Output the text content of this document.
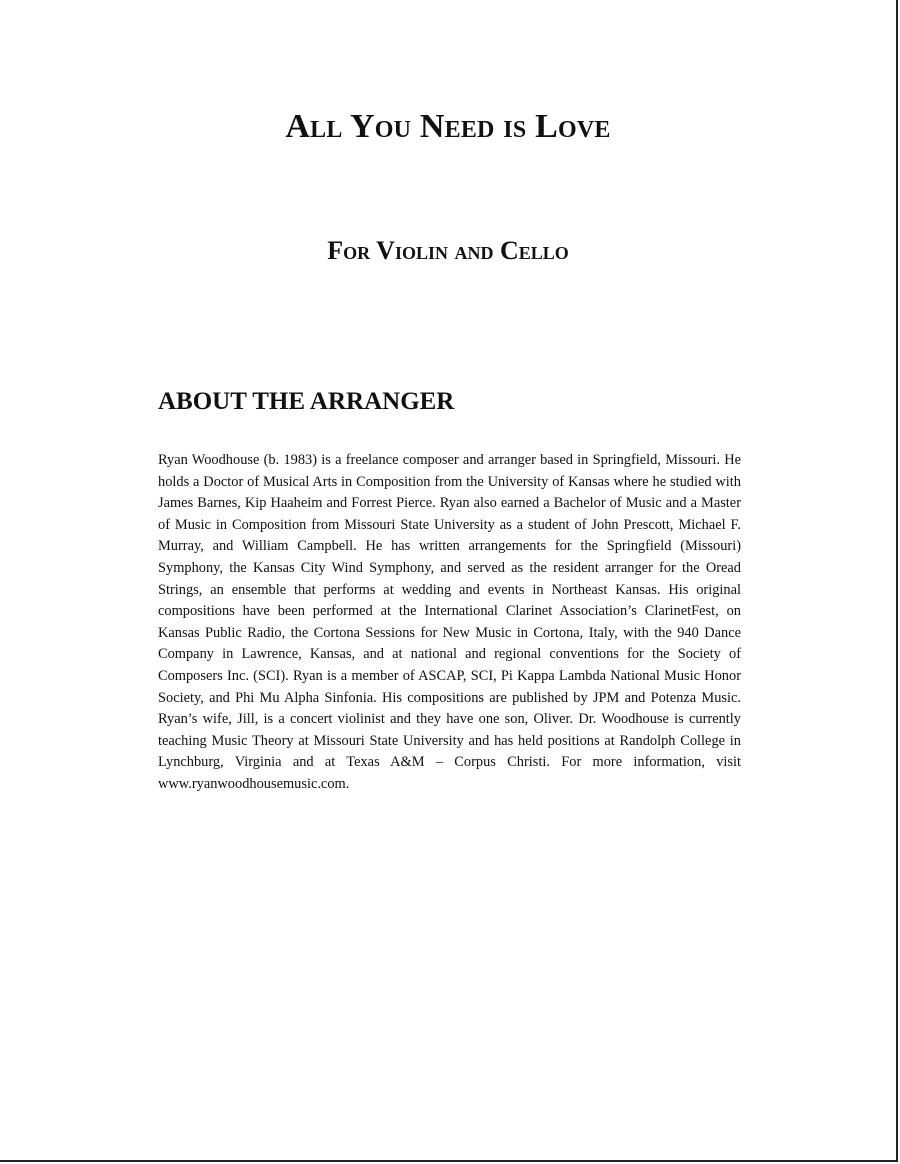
All You Need is Love
For Violin and Cello
ABOUT THE ARRANGER

Ryan Woodhouse (b. 1983) is a freelance composer and arranger based in Springfield, Missouri. He holds a Doctor of Musical Arts in Composition from the University of Kansas where he studied with James Barnes, Kip Haaheim and Forrest Pierce. Ryan also earned a Bachelor of Music and a Master of Music in Composition from Missouri State University as a student of John Prescott, Michael F. Murray, and William Campbell. He has written arrangements for the Springfield (Missouri) Symphony, the Kansas City Wind Symphony, and served as the resident arranger for the Oread Strings, an ensemble that performs at wedding and events in Northeast Kansas. His original compositions have been performed at the International Clarinet Association’s ClarinetFest, on Kansas Public Radio, the Cortona Sessions for New Music in Cortona, Italy, with the 940 Dance Company in Lawrence, Kansas, and at national and regional conventions for the Society of Composers Inc. (SCI). Ryan is a member of ASCAP, SCI, Pi Kappa Lambda National Music Honor Society, and Phi Mu Alpha Sinfonia. His compositions are published by JPM and Potenza Music. Ryan’s wife, Jill, is a concert violinist and they have one son, Oliver. Dr. Woodhouse is currently teaching Music Theory at Missouri State University and has held positions at Randolph College in Lynchburg, Virginia and at Texas A&M – Corpus Christi. For more information, visit www.ryanwoodhousemusic.com.
